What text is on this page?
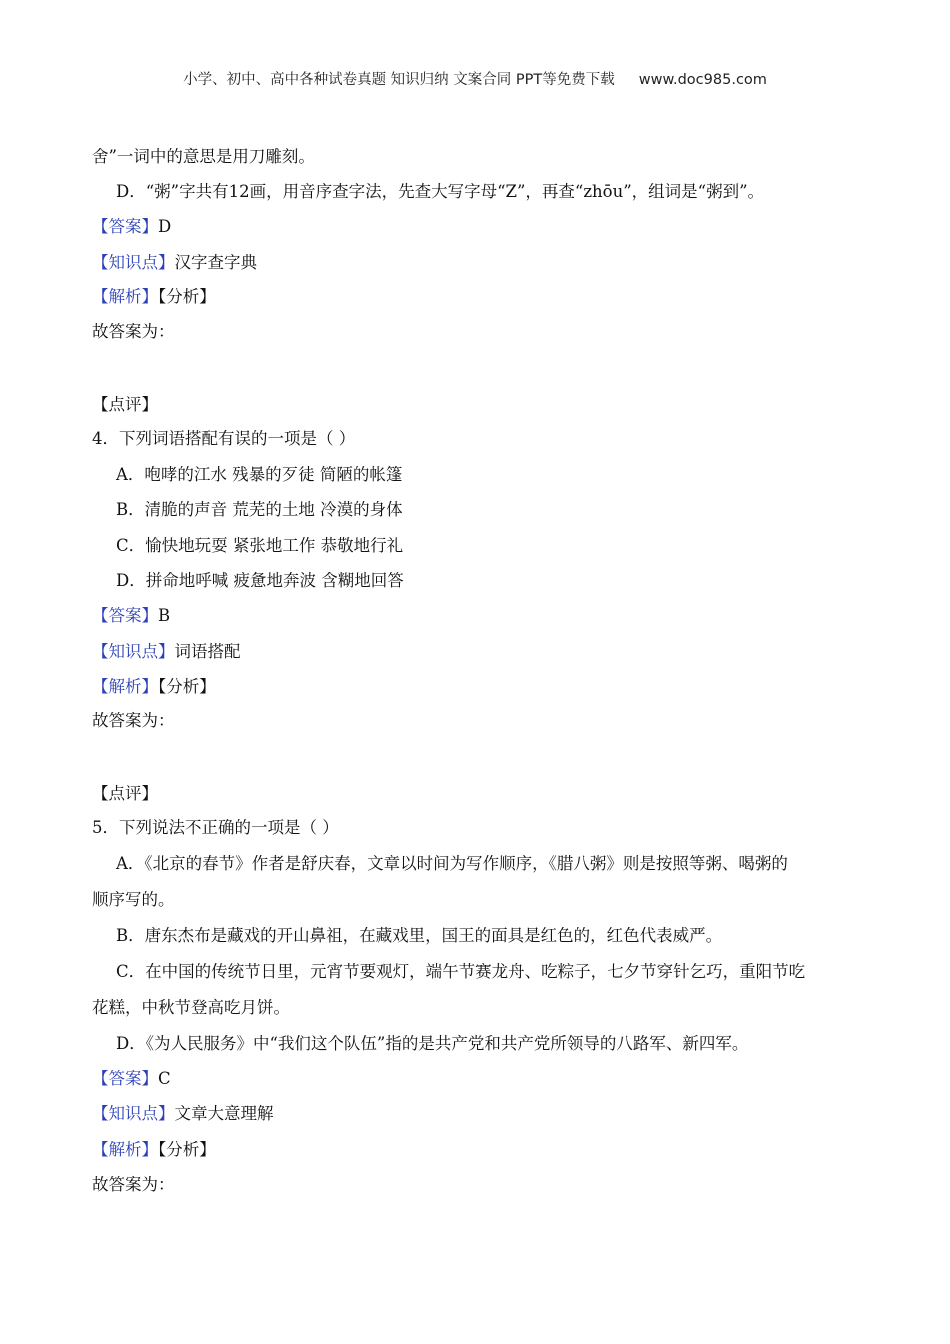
小学、初中、高中各种试卷真题 知识归纳 文案合同 PPT等免费下载 www.doc985.com
舍”一词中的意思是用刀雕刻。
D．“粥”字共有12画，用音序查字法，先查大写字母“Z”，再查“zhōu”，组词是“粥到”。
【答案】D
【知识点】汉字查字典
【解析】【分析】
故答案为：
【点评】
4．下列词语搭配有误的一项是（ ）
A．咆哮的江水 残暴的歹徒 简陋的帐篷
B．清脆的声音 荒芜的土地 冷漠的身体
C．愉快地玩耍 紧张地工作 恭敬地行礼
D．拼命地呼喊 疲惫地奔波 含糊地回答
【答案】B
【知识点】词语搭配
【解析】【分析】
故答案为：
【点评】
5．下列说法不正确的一项是（ ）
A．《北京的春节》作者是舒庆春，文章以时间为写作顺序，《腊八粥》则是按照等粥、喝粥的
顺序写的。
B．唐东杰布是藏戏的开山鼻祖，在藏戏里，国王的面具是红色的，红色代表威严。
C．在中国的传统节日里，元宵节要观灯，端午节赛龙舟、吃粽子，七夕节穿针乞巧，重阳节吃
花糕，中秋节登高吃月饼。
D．《为人民服务》中“我们这个队伍”指的是共产党和共产党所领导的八路军、新四军。
【答案】C
【知识点】文章大意理解
【解析】【分析】
故答案为：
